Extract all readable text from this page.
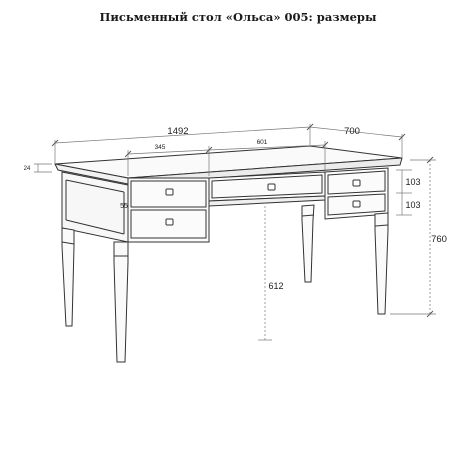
Письменный стол «Ольса» 005: размеры
1492	700
345
601
24
55
103
103
760
612
